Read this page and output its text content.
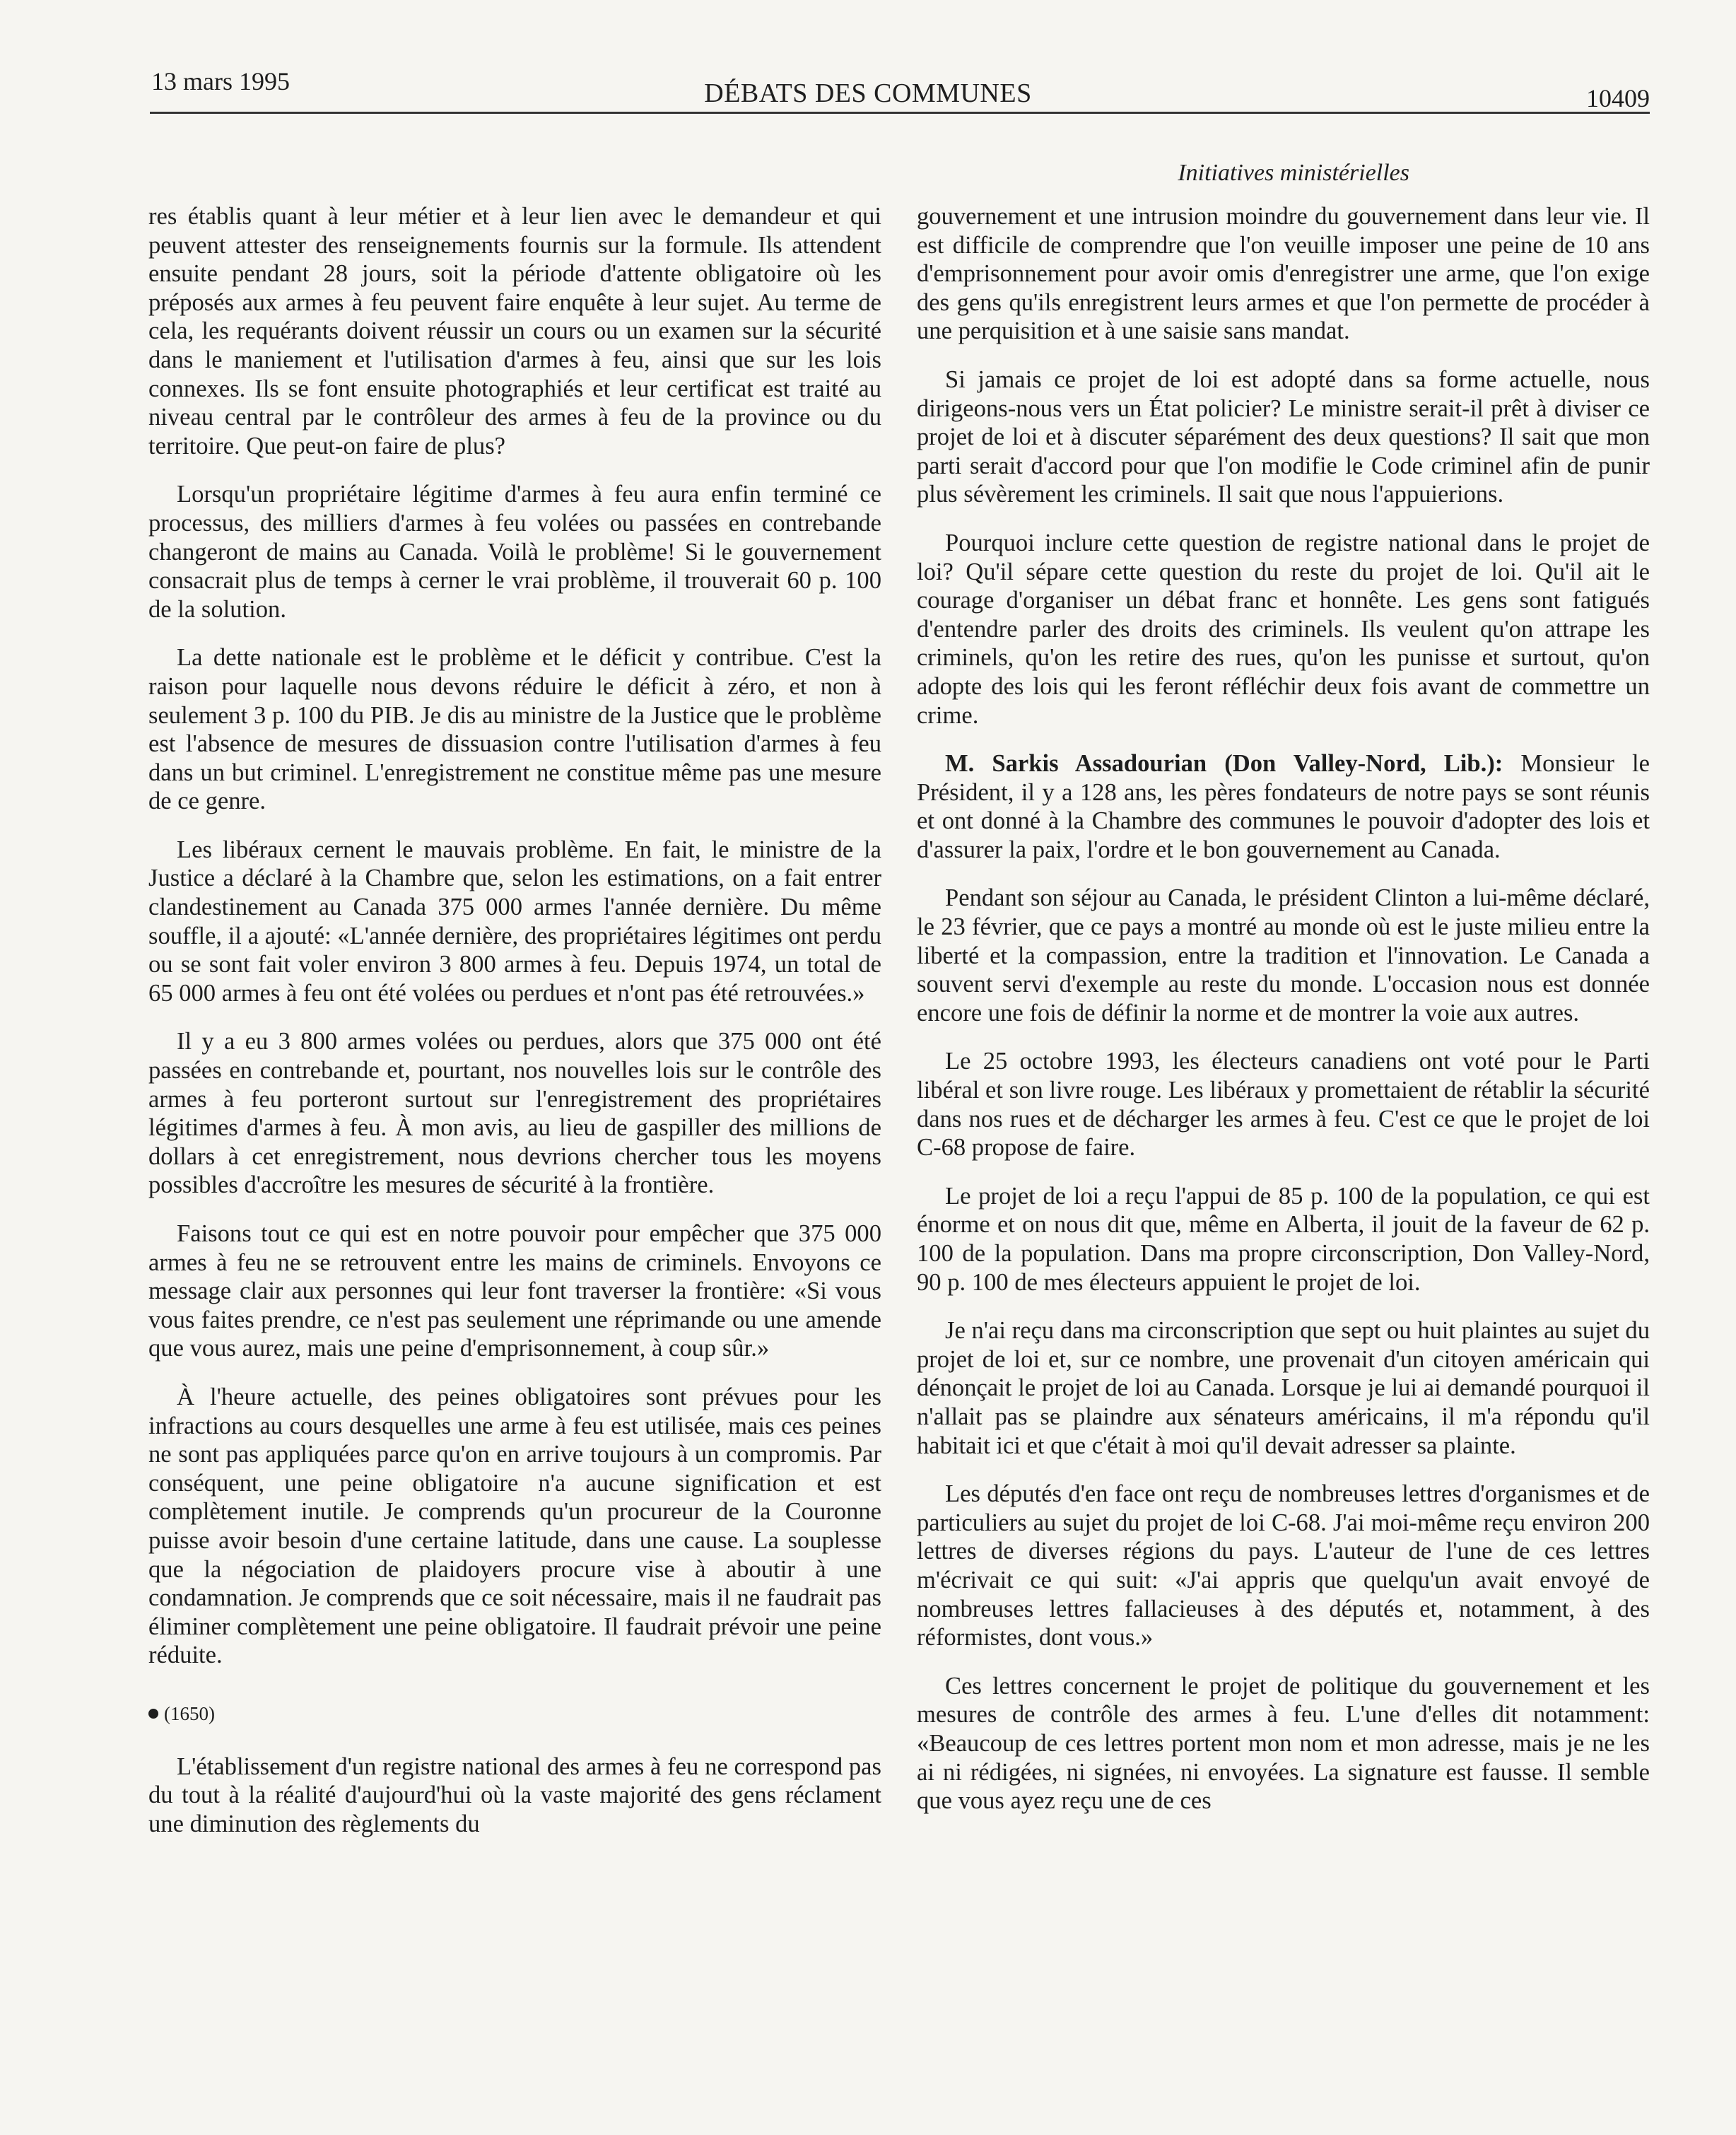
13 mars 1995	DÉBATS DES COMMUNES	10409
Initiatives ministérielles

res établis quant à leur métier et à leur lien avec le demandeur et qui peuvent attester des renseignements fournis sur la formule. Ils attendent ensuite pendant 28 jours, soit la période d'attente obligatoire où les préposés aux armes à feu peuvent faire enquête à leur sujet. Au terme de cela, les requérants doivent réussir un cours ou un examen sur la sécurité dans le maniement et l'utilisation d'armes à feu, ainsi que sur les lois connexes. Ils se font ensuite photographiés et leur certificat est traité au niveau central par le contrôleur des armes à feu de la province ou du territoire. Que peut-on faire de plus?

Lorsqu'un propriétaire légitime d'armes à feu aura enfin terminé ce processus, des milliers d'armes à feu volées ou passées en contrebande changeront de mains au Canada. Voilà le problème! Si le gouvernement consacrait plus de temps à cerner le vrai problème, il trouverait 60 p. 100 de la solution.

La dette nationale est le problème et le déficit y contribue. C'est la raison pour laquelle nous devons réduire le déficit à zéro, et non à seulement 3 p. 100 du PIB. Je dis au ministre de la Justice que le problème est l'absence de mesures de dissuasion contre l'utilisation d'armes à feu dans un but criminel. L'enregistrement ne constitue même pas une mesure de ce genre.

Les libéraux cernent le mauvais problème. En fait, le ministre de la Justice a déclaré à la Chambre que, selon les estimations, on a fait entrer clandestinement au Canada 375 000 armes l'année dernière. Du même souffle, il a ajouté: «L'année dernière, des propriétaires légitimes ont perdu ou se sont fait voler environ 3 800 armes à feu. Depuis 1974, un total de 65 000 armes à feu ont été volées ou perdues et n'ont pas été retrouvées.»

Il y a eu 3 800 armes volées ou perdues, alors que 375 000 ont été passées en contrebande et, pourtant, nos nouvelles lois sur le contrôle des armes à feu porteront surtout sur l'enregistrement des propriétaires légitimes d'armes à feu. À mon avis, au lieu de gaspiller des millions de dollars à cet enregistrement, nous devrions chercher tous les moyens possibles d'accroître les mesures de sécurité à la frontière.

Faisons tout ce qui est en notre pouvoir pour empêcher que 375 000 armes à feu ne se retrouvent entre les mains de criminels. Envoyons ce message clair aux personnes qui leur font traverser la frontière: «Si vous vous faites prendre, ce n'est pas seulement une réprimande ou une amende que vous aurez, mais une peine d'emprisonnement, à coup sûr.»

À l'heure actuelle, des peines obligatoires sont prévues pour les infractions au cours desquelles une arme à feu est utilisée, mais ces peines ne sont pas appliquées parce qu'on en arrive toujours à un compromis. Par conséquent, une peine obligatoire n'a aucune signification et est complètement inutile. Je comprends qu'un procureur de la Couronne puisse avoir besoin d'une certaine latitude, dans une cause. La souplesse que la négociation de plaidoyers procure vise à aboutir à une condamnation. Je comprends que ce soit nécessaire, mais il ne faudrait pas éliminer complètement une peine obligatoire. Il faudrait prévoir une peine réduite.

(1650)

L'établissement d'un registre national des armes à feu ne correspond pas du tout à la réalité d'aujourd'hui où la vaste majorité des gens réclament une diminution des règlements du

gouvernement et une intrusion moindre du gouvernement dans leur vie. Il est difficile de comprendre que l'on veuille imposer une peine de 10 ans d'emprisonnement pour avoir omis d'enregistrer une arme, que l'on exige des gens qu'ils enregistrent leurs armes et que l'on permette de procéder à une perquisition et à une saisie sans mandat.

Si jamais ce projet de loi est adopté dans sa forme actuelle, nous dirigeons-nous vers un État policier? Le ministre serait-il prêt à diviser ce projet de loi et à discuter séparément des deux questions? Il sait que mon parti serait d'accord pour que l'on modifie le Code criminel afin de punir plus sévèrement les criminels. Il sait que nous l'appuierions.

Pourquoi inclure cette question de registre national dans le projet de loi? Qu'il sépare cette question du reste du projet de loi. Qu'il ait le courage d'organiser un débat franc et honnête. Les gens sont fatigués d'entendre parler des droits des criminels. Ils veulent qu'on attrape les criminels, qu'on les retire des rues, qu'on les punisse et surtout, qu'on adopte des lois qui les feront réfléchir deux fois avant de commettre un crime.

M. Sarkis Assadourian (Don Valley-Nord, Lib.): Monsieur le Président, il y a 128 ans, les pères fondateurs de notre pays se sont réunis et ont donné à la Chambre des communes le pouvoir d'adopter des lois et d'assurer la paix, l'ordre et le bon gouvernement au Canada.

Pendant son séjour au Canada, le président Clinton a lui-même déclaré, le 23 février, que ce pays a montré au monde où est le juste milieu entre la liberté et la compassion, entre la tradition et l'innovation. Le Canada a souvent servi d'exemple au reste du monde. L'occasion nous est donnée encore une fois de définir la norme et de montrer la voie aux autres.

Le 25 octobre 1993, les électeurs canadiens ont voté pour le Parti libéral et son livre rouge. Les libéraux y promettaient de rétablir la sécurité dans nos rues et de décharger les armes à feu. C'est ce que le projet de loi C-68 propose de faire.

Le projet de loi a reçu l'appui de 85 p. 100 de la population, ce qui est énorme et on nous dit que, même en Alberta, il jouit de la faveur de 62 p. 100 de la population. Dans ma propre circonscription, Don Valley-Nord, 90 p. 100 de mes électeurs appuient le projet de loi.

Je n'ai reçu dans ma circonscription que sept ou huit plaintes au sujet du projet de loi et, sur ce nombre, une provenait d'un citoyen américain qui dénonçait le projet de loi au Canada. Lorsque je lui ai demandé pourquoi il n'allait pas se plaindre aux sénateurs américains, il m'a répondu qu'il habitait ici et que c'était à moi qu'il devait adresser sa plainte.

Les députés d'en face ont reçu de nombreuses lettres d'organismes et de particuliers au sujet du projet de loi C-68. J'ai moi-même reçu environ 200 lettres de diverses régions du pays. L'auteur de l'une de ces lettres m'écrivait ce qui suit: «J'ai appris que quelqu'un avait envoyé de nombreuses lettres fallacieuses à des députés et, notamment, à des réformistes, dont vous.»

Ces lettres concernent le projet de politique du gouvernement et les mesures de contrôle des armes à feu. L'une d'elles dit notamment: «Beaucoup de ces lettres portent mon nom et mon adresse, mais je ne les ai ni rédigées, ni signées, ni envoyées. La signature est fausse. Il semble que vous ayez reçu une de ces
